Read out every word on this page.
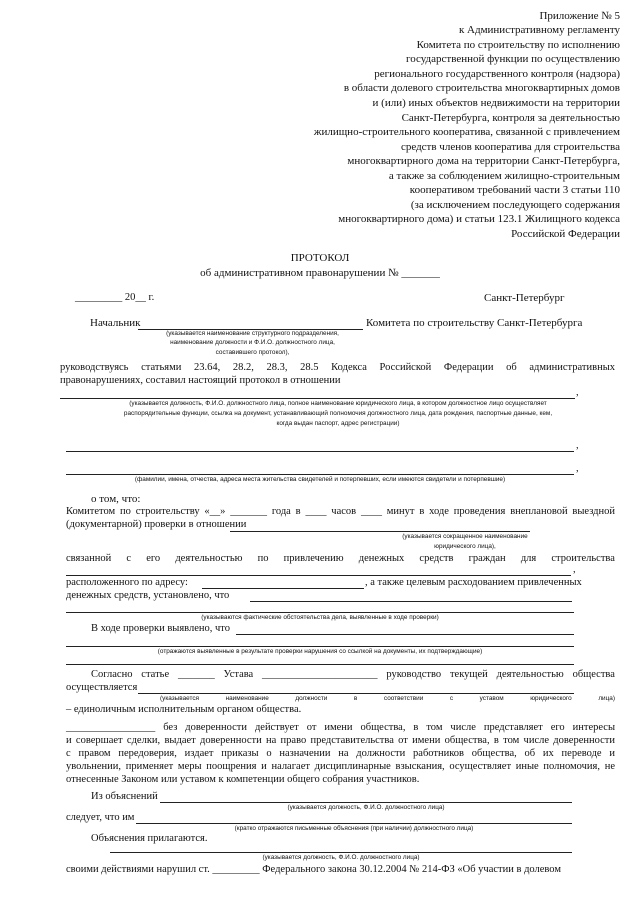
Приложение № 5
к Административному регламенту
Комитета по строительству по исполнению
государственной функции по осуществлению
регионального государственного контроля (надзора)
в области долевого строительства многоквартирных домов
и (или) иных объектов недвижимости на территории
Санкт-Петербурга, контроля за деятельностью
жилищно-строительного кооператива, связанной с привлечением
средств членов кооператива для строительства
многоквартирного дома на территории Санкт-Петербурга,
а также за соблюдением жилищно-строительным
кооперативом требований части 3 статьи 110
(за исключением последующего содержания
многоквартирного дома) и статьи 123.1 Жилищного кодекса
Российской Федерации
ПРОТОКОЛ
об административном правонарушении № _______
_________ 20__ г.	Санкт-Петербург
Начальник	Комитета по строительству Санкт-Петербурга
(указывается наименование структурного подразделения,
наименование должности и Ф.И.О. должностного лица,
составившего протокол),
руководствуясь статьями 23.64, 28.2, 28.3, 28.5 Кодекса Российской Федерации об административных
правонарушениях, составил настоящий протокол в отношении
,
(указывается должность, Ф.И.О. должностного лица, полное наименование юридического лица, в котором должностное лицо осуществляет
распорядительные функции, ссылка на документ, устанавливающий полномочия должностного лица, дата рождения, паспортные данные, кем,
когда выдан паспорт, адрес регистрации)
,
,
(фамилии, имена, отчества, адреса места жительства свидетелей и потерпевших, если имеются свидетели и потерпевшие)
о том, что:
Комитетом по строительству «__» _______ года в ____ часов ____ минут в ходе проведения внеплановой выездной
(документарной) проверки в отношении
(указывается сокращенное наименование
юридического лица),
связанной с его деятельностью по привлечению денежных средств граждан для строительства
,
расположенного по адресу:	, а также целевым расходованием привлеченных
денежных средств, установлено, что
(указываются фактические обстоятельства дела, выявленные в ходе проверки)
В ходе проверки выявлено, что
(отражаются выявленные в результате проверки нарушения со ссылкой на документы, их подтверждающие)
Согласно статье _______ Устава ______________________ руководство текущей деятельностью общества
осуществляется
(указывается	наименование	должности	в	соответствии	с	уставом	юридического	лица)
– единоличным исполнительным органом общества.
_________________ без доверенности действует от имени общества, в том числе представляет его интересы
и совершает сделки, выдает доверенности на право представительства от имени общества, в том числе доверенности
с правом передоверия, издает приказы о назначении на должности работников общества, об их переводе и
увольнении, применяет меры поощрения и налагает дисциплинарные взыскания, осуществляет иные полномочия, не
отнесенные Законом или уставом к компетенции общего собрания участников.
Из объяснений
(указывается должность, Ф.И.О. должностного лица)
следует, что им
(кратко отражаются письменные объяснения (при наличии) должностного лица)
Объяснения прилагаются.
(указывается должность, Ф.И.О. должностного лица)
своими действиями нарушил ст. _________ Федерального закона 30.12.2004 № 214-ФЗ «Об участии в долевом
